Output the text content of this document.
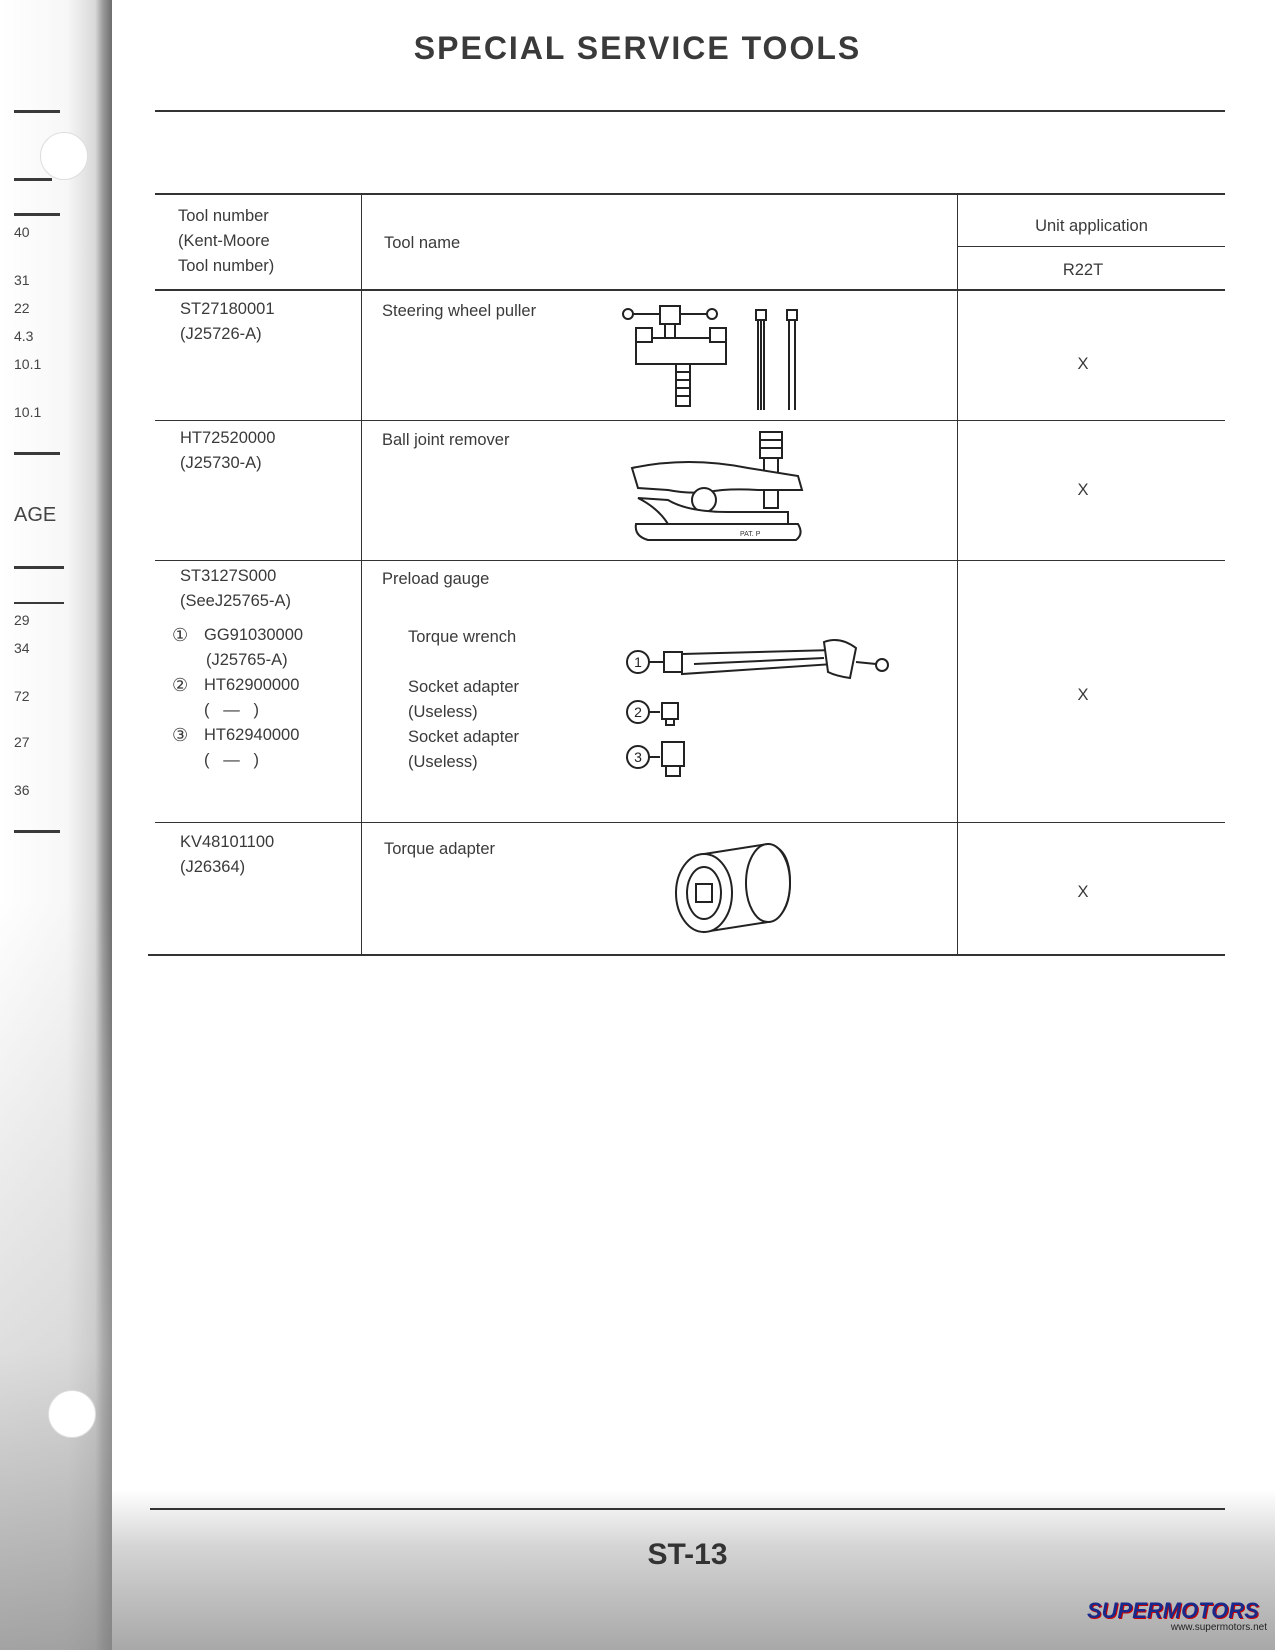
40
31
22
4.3
10.1
10.1
AGE
29
34
72
27
36
SPECIAL SERVICE TOOLS
Tool number
(Kent-Moore
Tool number)
Tool name
Unit application
R22T
ST27180001
(J25726-A)
Steering wheel puller
X
HT72520000
(J25730-A)
Ball joint remover
X
PAT. P
ST3127S000
(SeeJ25765-A)
Preload gauge
X
① GG91030000
(J25765-A)
Torque wrench
② HT62900000
(   —   )
Socket adapter
(Useless)
③ HT62940000
(   —   )
Socket adapter
(Useless)
1
2
3
KV48101100
(J26364)
Torque adapter
X
ST-13
SUPERMOTORS
www.supermotors.net
